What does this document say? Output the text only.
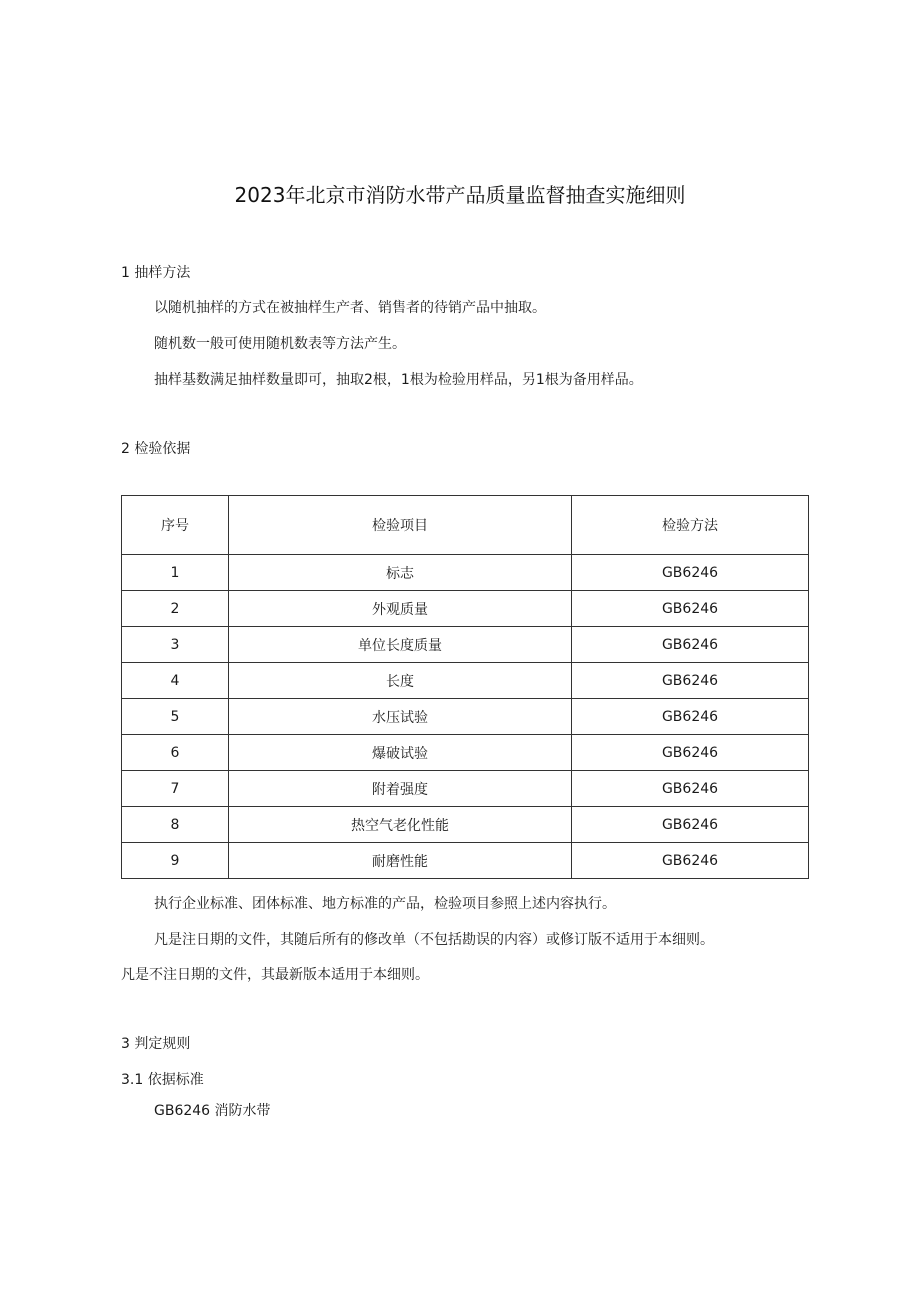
2023年北京市消防水带产品质量监督抽查实施细则
1 抽样方法
以随机抽样的方式在被抽样生产者、销售者的待销产品中抽取。
随机数一般可使用随机数表等方法产生。
抽样基数满足抽样数量即可，抽取2根，1根为检验用样品，另1根为备用样品。
2 检验依据
序号	检验项目	检验方法
1	标志	GB6246
2	外观质量	GB6246
3	单位长度质量	GB6246
4	长度	GB6246
5	水压试验	GB6246
6	爆破试验	GB6246
7	附着强度	GB6246
8	热空气老化性能	GB6246
9	耐磨性能	GB6246
执行企业标准、团体标准、地方标准的产品，检验项目参照上述内容执行。
凡是注日期的文件，其随后所有的修改单（不包括勘误的内容）或修订版不适用于本细则。
凡是不注日期的文件，其最新版本适用于本细则。
3 判定规则
3.1 依据标准
GB6246 消防水带
